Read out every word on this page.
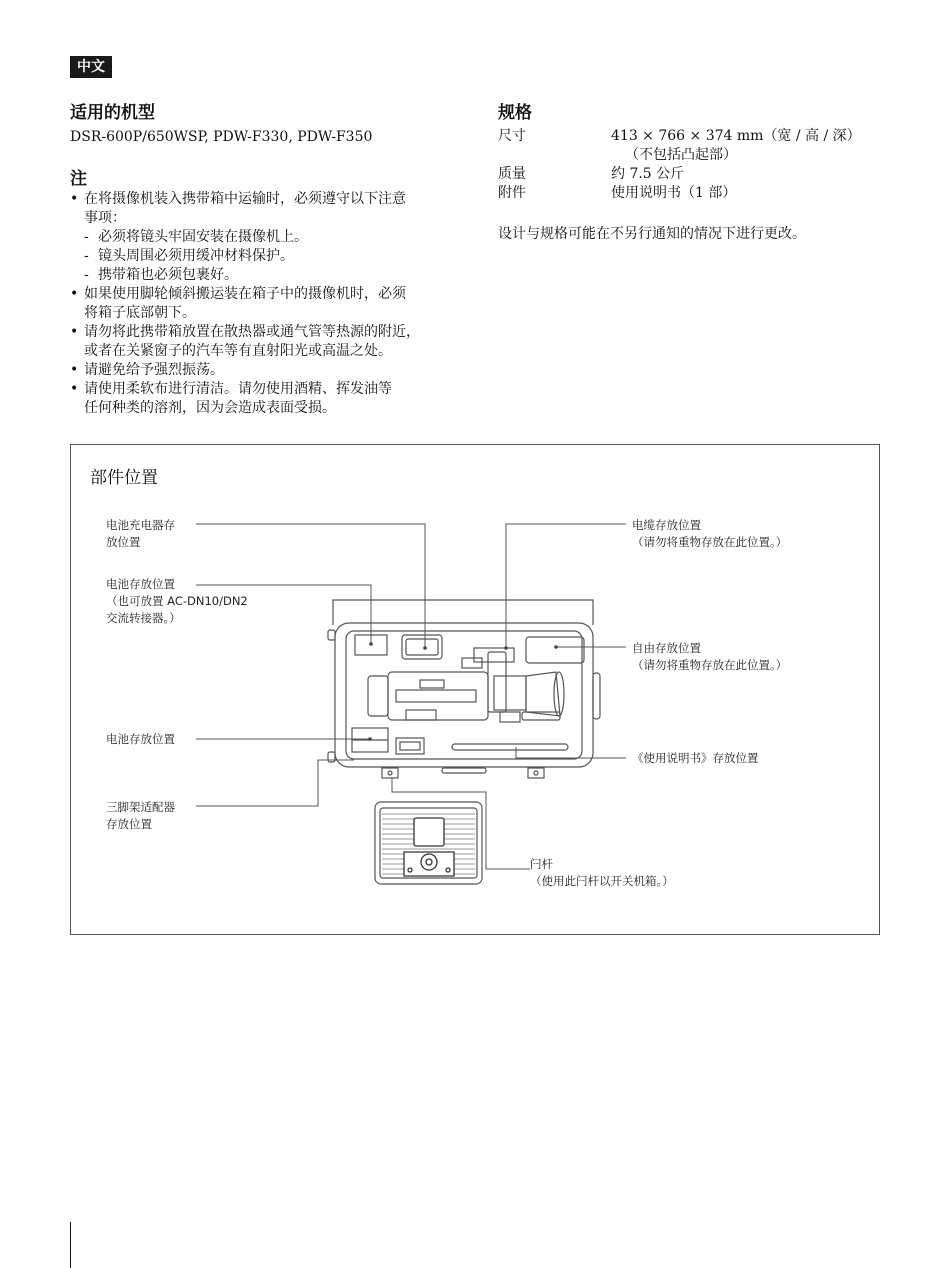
中文
适用的机型
DSR-600P/650WSP, PDW-F330, PDW-F350
注
• 在将摄像机装入携带箱中运输时，必须遵守以下注意
事项：
- 必须将镜头牢固安装在摄像机上。
- 镜头周围必须用缓冲材料保护。
- 携带箱也必须包裹好。
• 如果使用脚轮倾斜搬运装在箱子中的摄像机时，必须
将箱子底部朝下。
• 请勿将此携带箱放置在散热器或通气管等热源的附近，
或者在关紧窗子的汽车等有直射阳光或高温之处。
• 请避免给予强烈振荡。
• 请使用柔软布进行清洁。请勿使用酒精、挥发油等
任何种类的溶剂，因为会造成表面受损。
规格
尺寸	413 × 766 × 374 mm（宽 / 高 / 深）
	（不包括凸起部）
质量	约 7.5 公斤
附件	使用说明书（1 部）
设计与规格可能在不另行通知的情况下进行更改。
部件位置
电池充电器存
放位置
电池存放位置
（也可放置 AC-DN10/DN2
交流转接器。）
电池存放位置
三脚架适配器
存放位置
电缆存放位置
（请勿将重物存放在此位置。）
自由存放位置
（请勿将重物存放在此位置。）
《使用说明书》存放位置
闩杆
（使用此闩杆以开关机箱。）
